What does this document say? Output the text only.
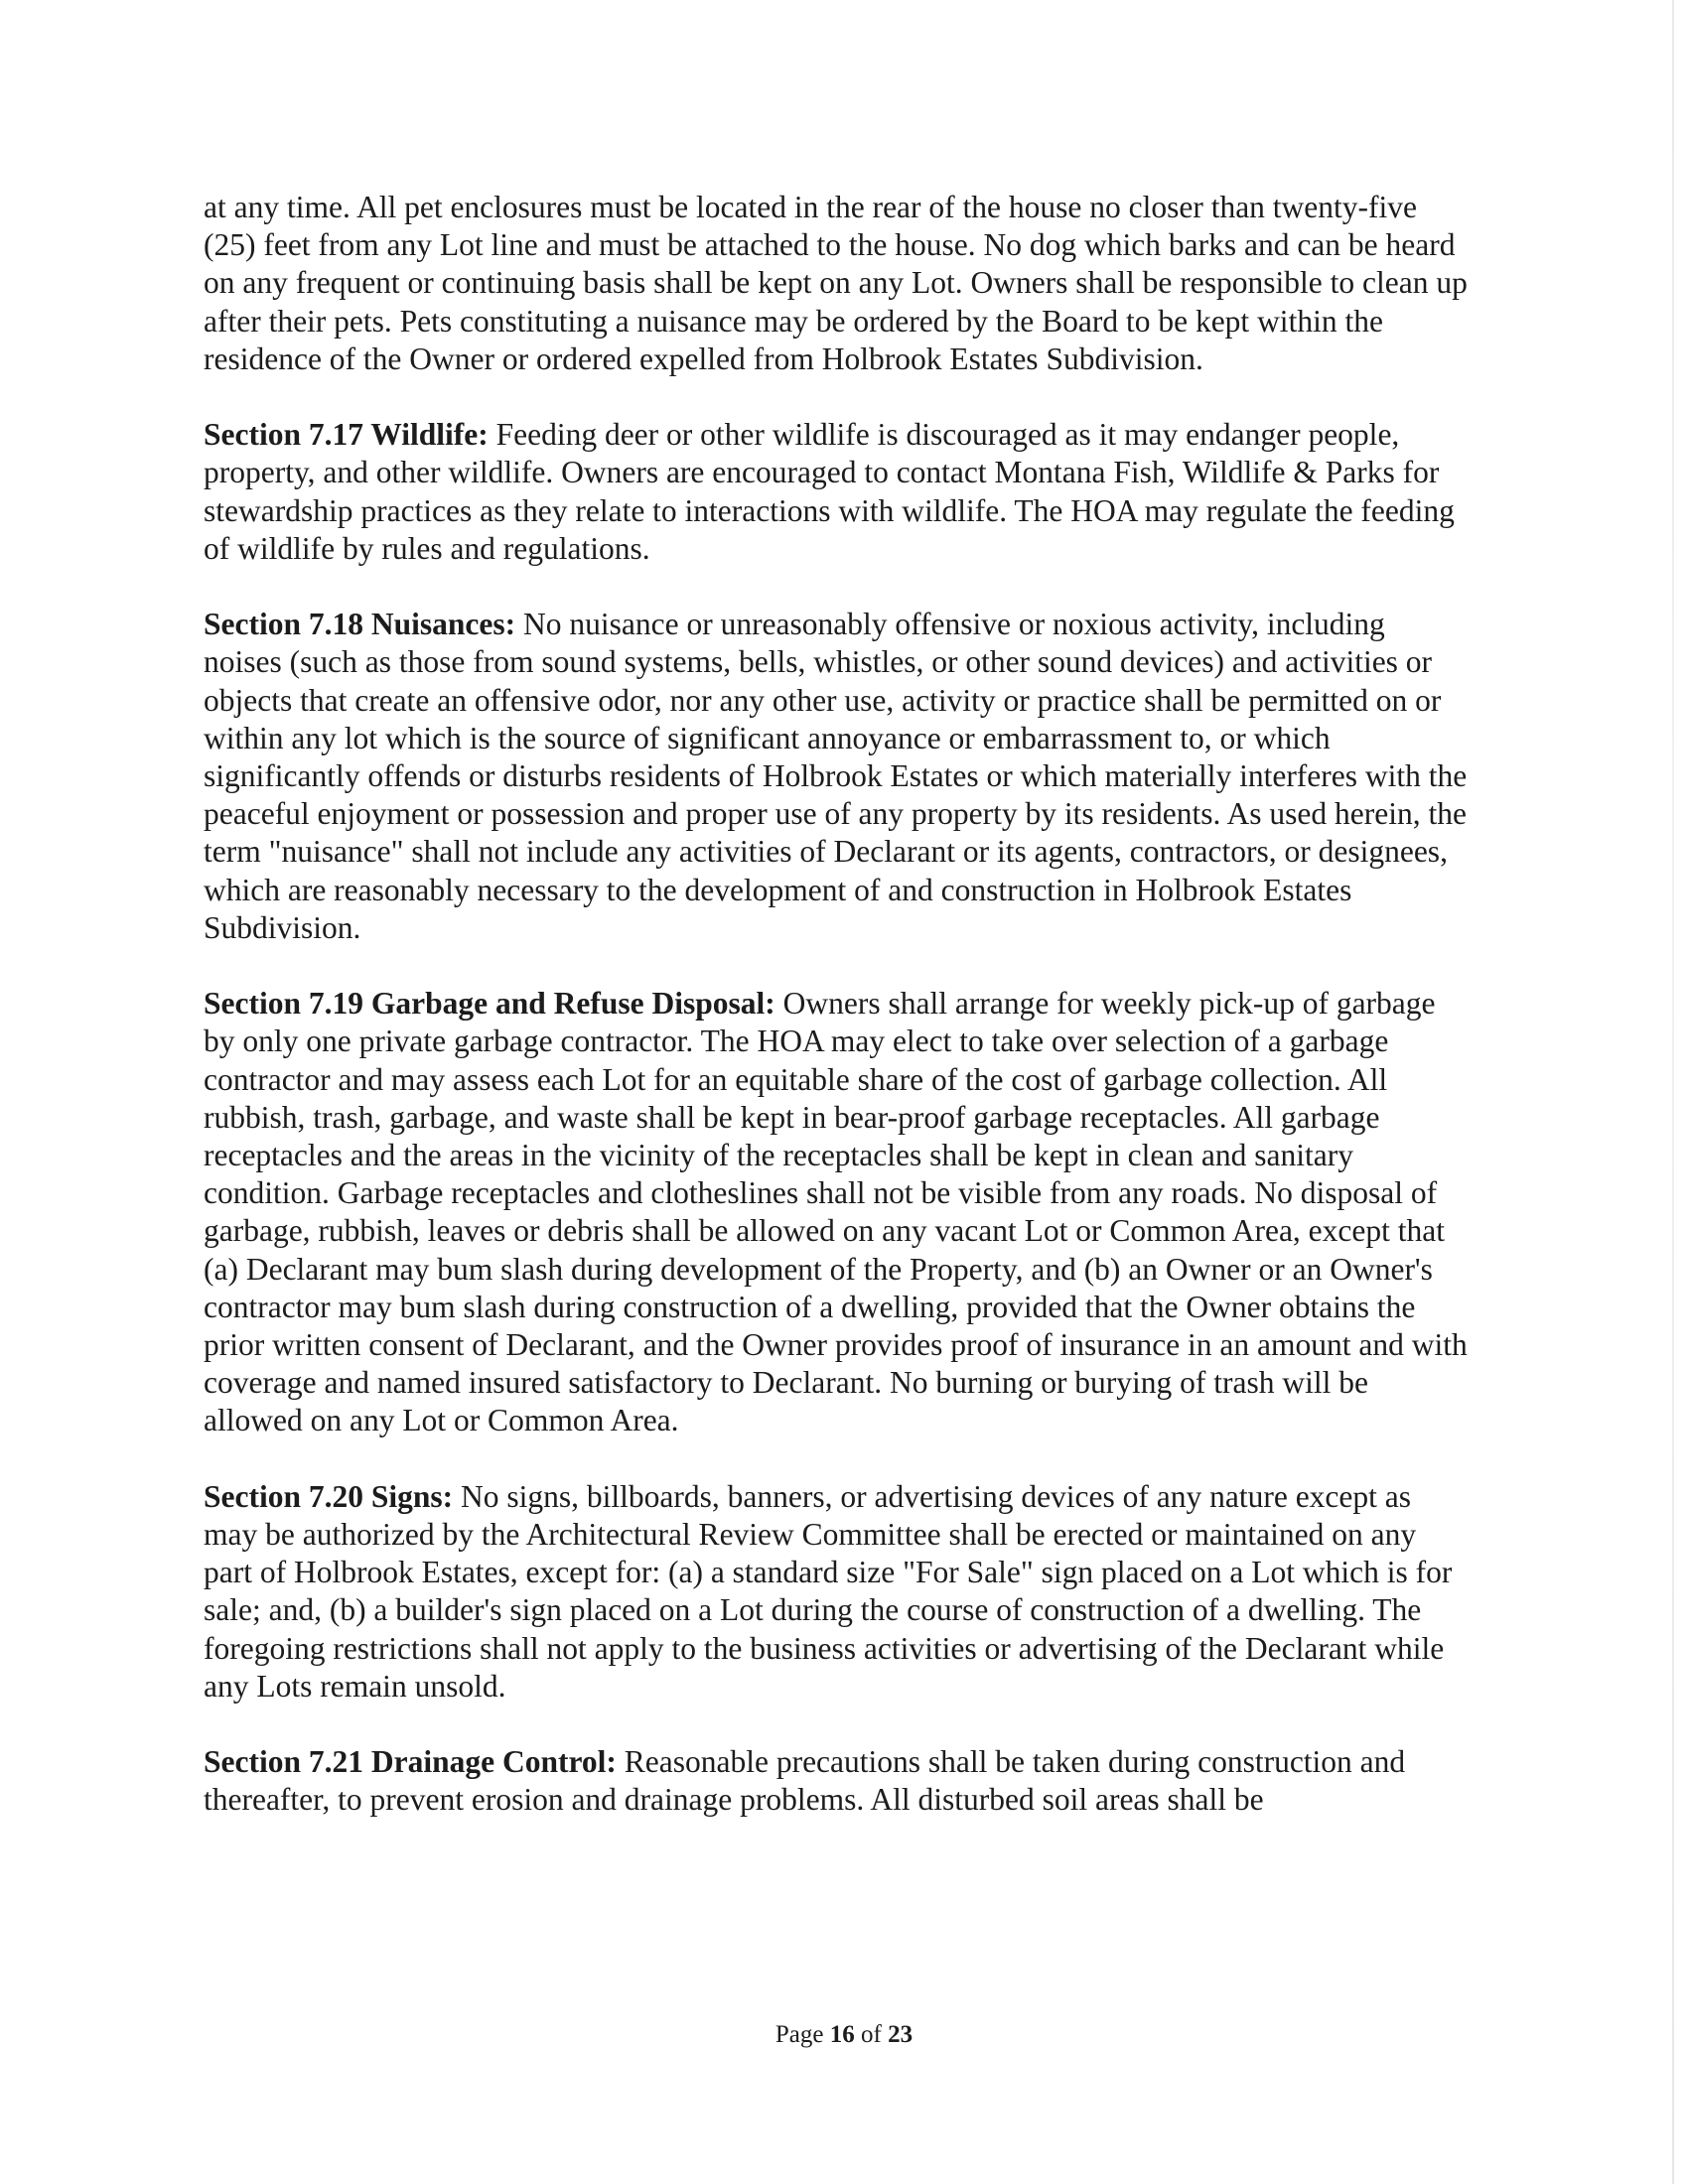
at any time. All pet enclosures must be located in the rear of the house no closer than twenty-five (25) feet from any Lot line and must be attached to the house. No dog which barks and can be heard on any frequent or continuing basis shall be kept on any Lot. Owners shall be responsible to clean up after their pets. Pets constituting a nuisance may be ordered by the Board to be kept within the residence of the Owner or ordered expelled from Holbrook Estates Subdivision.

Section 7.17 Wildlife: Feeding deer or other wildlife is discouraged as it may endanger people, property, and other wildlife. Owners are encouraged to contact Montana Fish, Wildlife & Parks for stewardship practices as they relate to interactions with wildlife. The HOA may regulate the feeding of wildlife by rules and regulations.

Section 7.18 Nuisances: No nuisance or unreasonably offensive or noxious activity, including noises (such as those from sound systems, bells, whistles, or other sound devices) and activities or objects that create an offensive odor, nor any other use, activity or practice shall be permitted on or within any lot which is the source of significant annoyance or embarrassment to, or which significantly offends or disturbs residents of Holbrook Estates or which materially interferes with the peaceful enjoyment or possession and proper use of any property by its residents. As used herein, the term "nuisance" shall not include any activities of Declarant or its agents, contractors, or designees, which are reasonably necessary to the development of and construction in Holbrook Estates Subdivision.

Section 7.19 Garbage and Refuse Disposal: Owners shall arrange for weekly pick-up of garbage by only one private garbage contractor. The HOA may elect to take over selection of a garbage contractor and may assess each Lot for an equitable share of the cost of garbage collection. All rubbish, trash, garbage, and waste shall be kept in bear-proof garbage receptacles. All garbage receptacles and the areas in the vicinity of the receptacles shall be kept in clean and sanitary condition. Garbage receptacles and clotheslines shall not be visible from any roads. No disposal of garbage, rubbish, leaves or debris shall be allowed on any vacant Lot or Common Area, except that (a) Declarant may bum slash during development of the Property, and (b) an Owner or an Owner's contractor may bum slash during construction of a dwelling, provided that the Owner obtains the prior written consent of Declarant, and the Owner provides proof of insurance in an amount and with coverage and named insured satisfactory to Declarant. No burning or burying of trash will be allowed on any Lot or Common Area.

Section 7.20 Signs: No signs, billboards, banners, or advertising devices of any nature except as may be authorized by the Architectural Review Committee shall be erected or maintained on any part of Holbrook Estates, except for: (a) a standard size "For Sale" sign placed on a Lot which is for sale; and, (b) a builder's sign placed on a Lot during the course of construction of a dwelling. The foregoing restrictions shall not apply to the business activities or advertising of the Declarant while any Lots remain unsold.

Section 7.21 Drainage Control: Reasonable precautions shall be taken during construction and thereafter, to prevent erosion and drainage problems. All disturbed soil areas shall be

Page 16 of 23
